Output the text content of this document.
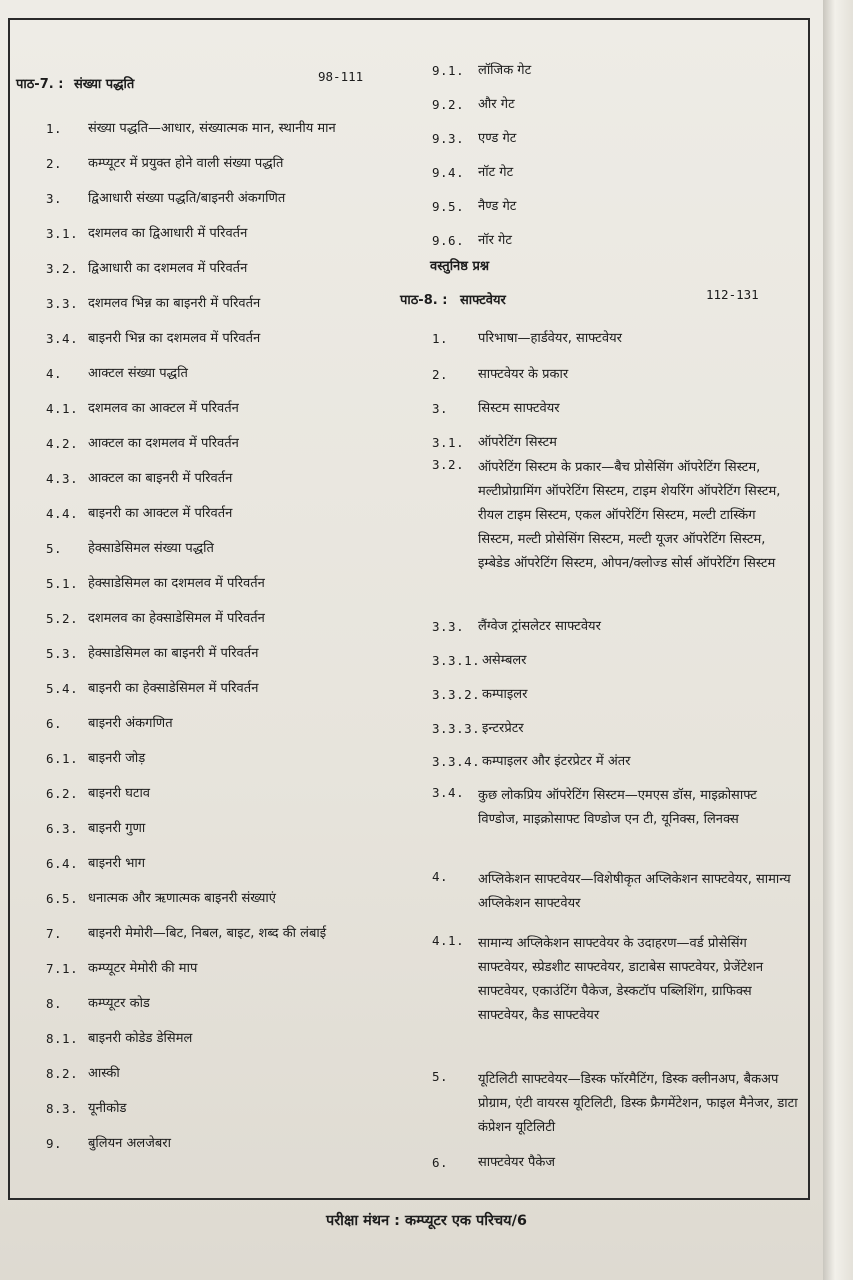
पाठ-7. : संख्या पद्धति
98-111
1. संख्या पद्धति—आधार, संख्यात्मक मान, स्थानीय मान
2. कम्प्यूटर में प्रयुक्त होने वाली संख्या पद्धति
3. द्विआधारी संख्या पद्धति/बाइनरी अंकगणित
3.1. दशमलव का द्विआधारी में परिवर्तन
3.2. द्विआधारी का दशमलव में परिवर्तन
3.3. दशमलव भिन्न का बाइनरी में परिवर्तन
3.4. बाइनरी भिन्न का दशमलव में परिवर्तन
4. आक्टल संख्या पद्धति
4.1. दशमलव का आक्टल में परिवर्तन
4.2. आक्टल का दशमलव में परिवर्तन
4.3. आक्टल का बाइनरी में परिवर्तन
4.4. बाइनरी का आक्टल में परिवर्तन
5. हेक्साडेसिमल संख्या पद्धति
5.1. हेक्साडेसिमल का दशमलव में परिवर्तन
5.2. दशमलव का हेक्साडेसिमल में परिवर्तन
5.3. हेक्साडेसिमल का बाइनरी में परिवर्तन
5.4. बाइनरी का हेक्साडेसिमल में परिवर्तन
6. बाइनरी अंकगणित
6.1. बाइनरी जोड़
6.2. बाइनरी घटाव
6.3. बाइनरी गुणा
6.4. बाइनरी भाग
6.5. धनात्मक और ऋणात्मक बाइनरी संख्याएं
7. बाइनरी मेमोरी—बिट, निबल, बाइट, शब्द की लंबाई
7.1. कम्प्यूटर मेमोरी की माप
8. कम्प्यूटर कोड
8.1. बाइनरी कोडेड डेसिमल
8.2. आस्की
8.3. यूनीकोड
9. बुलियन अलजेबरा
9.1. लॉजिक गेट
9.2. और गेट
9.3. एण्ड गेट
9.4. नॉट गेट
9.5. नैण्ड गेट
9.6. नॉर गेट
वस्तुनिष्ठ प्रश्न
पाठ-8. : साफ्टवेयर	112-131
1. परिभाषा—हार्डवेयर, साफ्टवेयर
2. साफ्टवेयर के प्रकार
3. सिस्टम साफ्टवेयर
3.1. ऑपरेटिंग सिस्टम
3.2. ऑपरेटिंग सिस्टम के प्रकार—बैच प्रोसेसिंग ऑपरेटिंग सिस्टम, मल्टीप्रोग्रामिंग ऑपरेटिंग सिस्टम, टाइम शेयरिंग ऑपरेटिंग सिस्टम, रीयल टाइम सिस्टम, एकल ऑपरेटिंग सिस्टम, मल्टी टास्किंग सिस्टम, मल्टी प्रोसेसिंग सिस्टम, मल्टी यूजर ऑपरेटिंग सिस्टम, इम्बेडेड ऑपरेटिंग सिस्टम, ओपन/क्लोज्ड सोर्स ऑपरेटिंग सिस्टम
3.3. लैंग्वेज ट्रांसलेटर साफ्टवेयर
3.3.1. असेम्बलर
3.3.2. कम्पाइलर
3.3.3. इन्टरप्रेटर
3.3.4. कम्पाइलर और इंटरप्रेटर में अंतर
3.4. कुछ लोकप्रिय ऑपरेटिंग सिस्टम—एमएस डॉस, माइक्रोसाफ्ट विण्डोज, माइक्रोसाफ्ट विण्डोज एन टी, यूनिक्स, लिनक्स
4. अप्लिकेशन साफ्टवेयर—विशेषीकृत अप्लिकेशन साफ्टवेयर, सामान्य अप्लिकेशन साफ्टवेयर
4.1. सामान्य अप्लिकेशन साफ्टवेयर के उदाहरण—वर्ड प्रोसेसिंग साफ्टवेयर, स्प्रेडशीट साफ्टवेयर, डाटाबेस साफ्टवेयर, प्रेजेंटेशन साफ्टवेयर, एकाउंटिंग पैकेज, डेस्कटॉप पब्लिशिंग, ग्राफिक्स साफ्टवेयर, कैड साफ्टवेयर
5. यूटिलिटी साफ्टवेयर—डिस्क फॉरमैटिंग, डिस्क क्लीनअप, बैकअप प्रोग्राम, एंटी वायरस यूटिलिटी, डिस्क फ्रैगमेंटेशन, फाइल मैनेजर, डाटा कंप्रेशन यूटिलिटी
6. साफ्टवेयर पैकेज
परीक्षा मंथन : कम्प्यूटर एक परिचय/6
